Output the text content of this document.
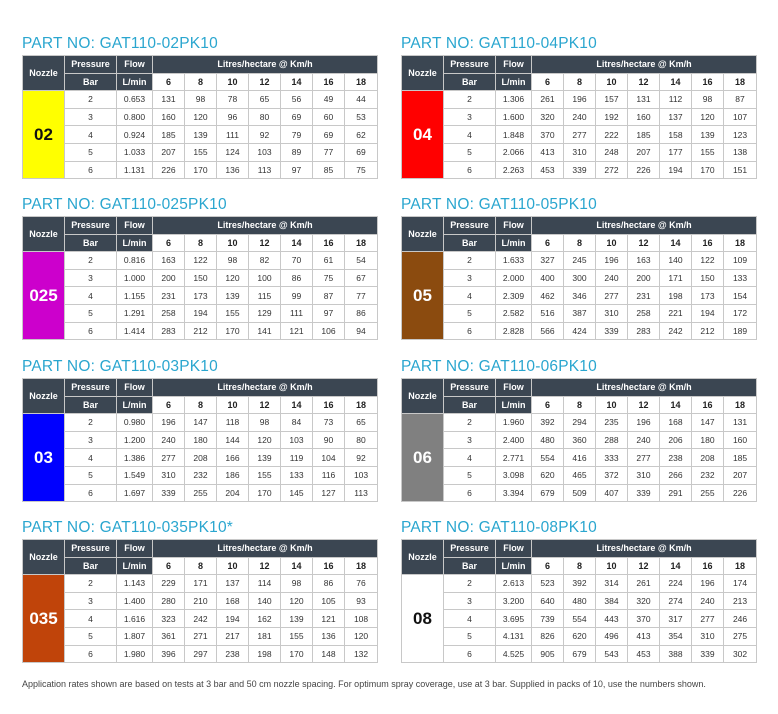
PART NO: GAT110-02PK10
Nozzle	Pressure	Flow	Litres/hectare @ Km/h						
	Bar	L/min	6	8	10	12	14	16	18
02	2	0.653	131	98	78	65	56	49	44
	3	0.800	160	120	96	80	69	60	53
	4	0.924	185	139	111	92	79	69	62
	5	1.033	207	155	124	103	89	77	69
	6	1.131	226	170	136	113	97	85	75
PART NO: GAT110-04PK10
Nozzle	Pressure	Flow	Litres/hectare @ Km/h						
	Bar	L/min	6	8	10	12	14	16	18
04	2	1.306	261	196	157	131	112	98	87
	3	1.600	320	240	192	160	137	120	107
	4	1.848	370	277	222	185	158	139	123
	5	2.066	413	310	248	207	177	155	138
	6	2.263	453	339	272	226	194	170	151
PART NO: GAT110-025PK10
Nozzle	Pressure	Flow	Litres/hectare @ Km/h						
	Bar	L/min	6	8	10	12	14	16	18
025	2	0.816	163	122	98	82	70	61	54
	3	1.000	200	150	120	100	86	75	67
	4	1.155	231	173	139	115	99	87	77
	5	1.291	258	194	155	129	111	97	86
	6	1.414	283	212	170	141	121	106	94
PART NO: GAT110-05PK10
Nozzle	Pressure	Flow	Litres/hectare @ Km/h						
	Bar	L/min	6	8	10	12	14	16	18
05	2	1.633	327	245	196	163	140	122	109
	3	2.000	400	300	240	200	171	150	133
	4	2.309	462	346	277	231	198	173	154
	5	2.582	516	387	310	258	221	194	172
	6	2.828	566	424	339	283	242	212	189
PART NO: GAT110-03PK10
Nozzle	Pressure	Flow	Litres/hectare @ Km/h						
	Bar	L/min	6	8	10	12	14	16	18
03	2	0.980	196	147	118	98	84	73	65
	3	1.200	240	180	144	120	103	90	80
	4	1.386	277	208	166	139	119	104	92
	5	1.549	310	232	186	155	133	116	103
	6	1.697	339	255	204	170	145	127	113
PART NO: GAT110-06PK10
Nozzle	Pressure	Flow	Litres/hectare @ Km/h						
	Bar	L/min	6	8	10	12	14	16	18
06	2	1.960	392	294	235	196	168	147	131
	3	2.400	480	360	288	240	206	180	160
	4	2.771	554	416	333	277	238	208	185
	5	3.098	620	465	372	310	266	232	207
	6	3.394	679	509	407	339	291	255	226
PART NO: GAT110-035PK10*
Nozzle	Pressure	Flow	Litres/hectare @ Km/h						
	Bar	L/min	6	8	10	12	14	16	18
035	2	1.143	229	171	137	114	98	86	76
	3	1.400	280	210	168	140	120	105	93
	4	1.616	323	242	194	162	139	121	108
	5	1.807	361	271	217	181	155	136	120
	6	1.980	396	297	238	198	170	148	132
PART NO: GAT110-08PK10
Nozzle	Pressure	Flow	Litres/hectare @ Km/h						
	Bar	L/min	6	8	10	12	14	16	18
08	2	2.613	523	392	314	261	224	196	174
	3	3.200	640	480	384	320	274	240	213
	4	3.695	739	554	443	370	317	277	246
	5	4.131	826	620	496	413	354	310	275
	6	4.525	905	679	543	453	388	339	302
Application rates shown are based on tests at 3 bar and 50 cm nozzle spacing. For optimum spray coverage, use at 3 bar. Supplied in packs of 10, use the numbers shown.
